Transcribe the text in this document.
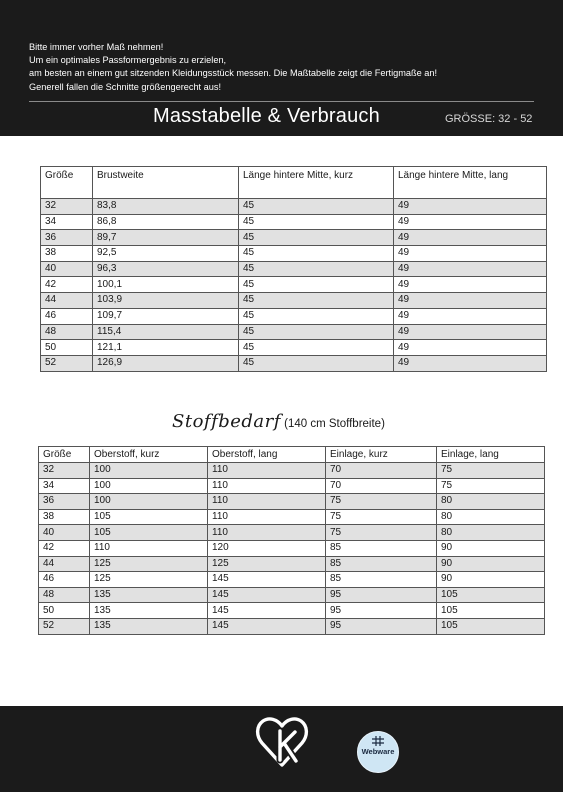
Bitte immer vorher Maß nehmen!
Um ein optimales Passformergebnis zu erzielen,
am besten an einem gut sitzenden Kleidungsstück messen. Die Maßtabelle zeigt die Fertigmaße an!
Generell fallen die Schnitte größengerecht aus!
Masstabelle & Verbrauch	GRÖSSE: 32 - 52
Größe	Brustweite	Länge hintere Mitte, kurz	Länge hintere Mitte, lang
32	83,8	45	49
34	86,8	45	49
36	89,7	45	49
38	92,5	45	49
40	96,3	45	49
42	100,1	45	49
44	103,9	45	49
46	109,7	45	49
48	115,4	45	49
50	121,1	45	49
52	126,9	45	49
Stoffbedarf (140 cm Stoffbreite)
Größe	Oberstoff, kurz	Oberstoff, lang	Einlage, kurz	Einlage, lang
32	100	110	70	75
34	100	110	70	75
36	100	110	75	80
38	105	110	75	80
40	105	110	75	80
42	110	120	85	90
44	125	125	85	90
46	125	145	85	90
48	135	145	95	105
50	135	145	95	105
52	135	145	95	105
Webware
